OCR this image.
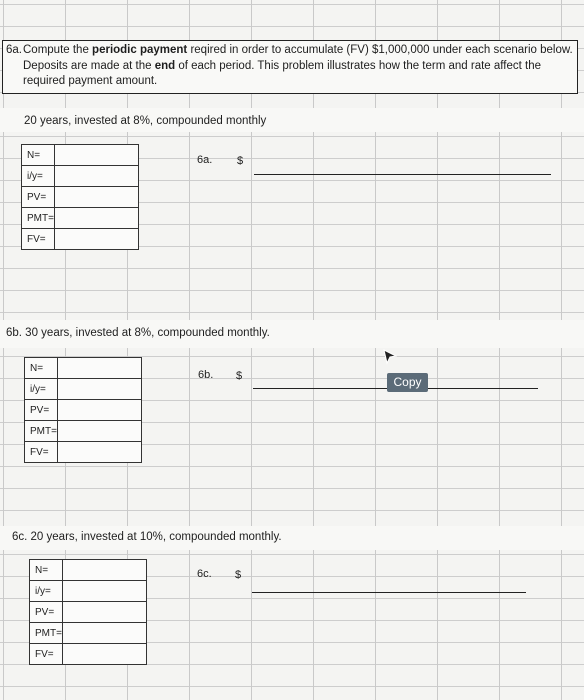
6a. Compute the periodic payment reqired in order to accumulate (FV) $1,000,000 under each scenario below.
Deposits are made at the end of each period. This problem illustrates how the term and rate affect the
required payment amount.
20 years, invested at 8%, compounded monthly
N=	
i/y=	
PV=	
PMT=	
FV=	
6a. $
6b. 30 years, invested at 8%, compounded monthly.
N=	
i/y=	
PV=	
PMT=	
FV=	
6b. $	Copy
6c. 20 years, invested at 10%, compounded monthly.
N=	
i/y=	
PV=	
PMT=	
FV=	
6c. $
